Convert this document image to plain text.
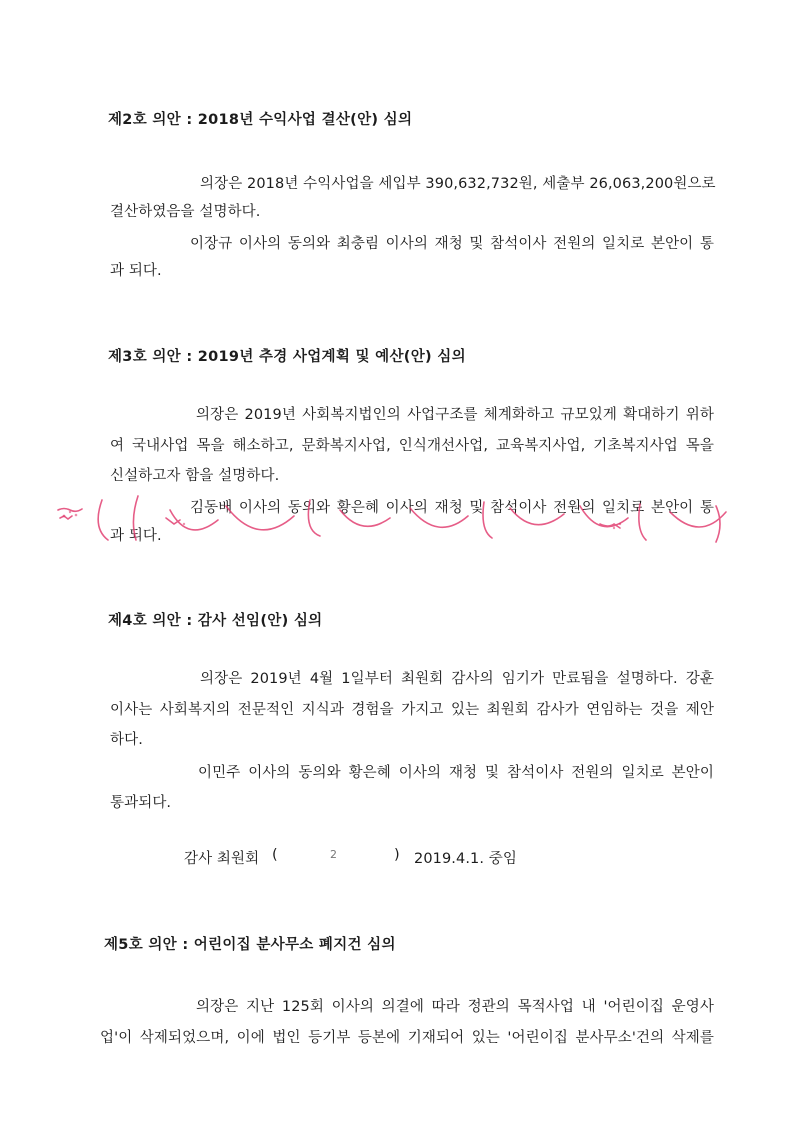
제2호 의안 : 2018년 수익사업 결산(안) 심의
의장은 2018년 수익사업을 세입부 390,632,732원, 세출부 26,063,200원으로
결산하였음을 설명하다.
이장규 이사의 동의와 최충림 이사의 재청 및 참석이사 전원의 일치로 본안이 통
과 되다.
제3호 의안 : 2019년 추경 사업계획 및 예산(안) 심의
의장은 2019년 사회복지법인의 사업구조를 체계화하고 규모있게 확대하기 위하
여 국내사업 목을 해소하고, 문화복지사업, 인식개선사업, 교육복지사업, 기초복지사업 목을
신설하고자 함을 설명하다.
김동배 이사의 동의와 황은혜 이사의 재청 및 참석이사 전원의 일치로 본안이 통
과 되다.
제4호 의안 : 감사 선임(안) 심의
의장은 2019년 4월 1일부터 최원회 감사의 임기가 만료됨을 설명하다. 강훈
이사는 사회복지의 전문적인 지식과 경험을 가지고 있는 최원회 감사가 연임하는 것을 제안
하다.
이민주 이사의 동의와 황은혜 이사의 재청 및 참석이사 전원의 일치로 본안이
통과되다.
감사 최원회 (	2	) 2019.4.1. 중임
제5호 의안 : 어린이집 분사무소 폐지건 심의
의장은 지난 125회 이사의 의결에 따라 정관의 목적사업 내 '어린이집 운영사
업'이 삭제되었으며, 이에 법인 등기부 등본에 기재되어 있는 '어린이집 분사무소'건의 삭제를
